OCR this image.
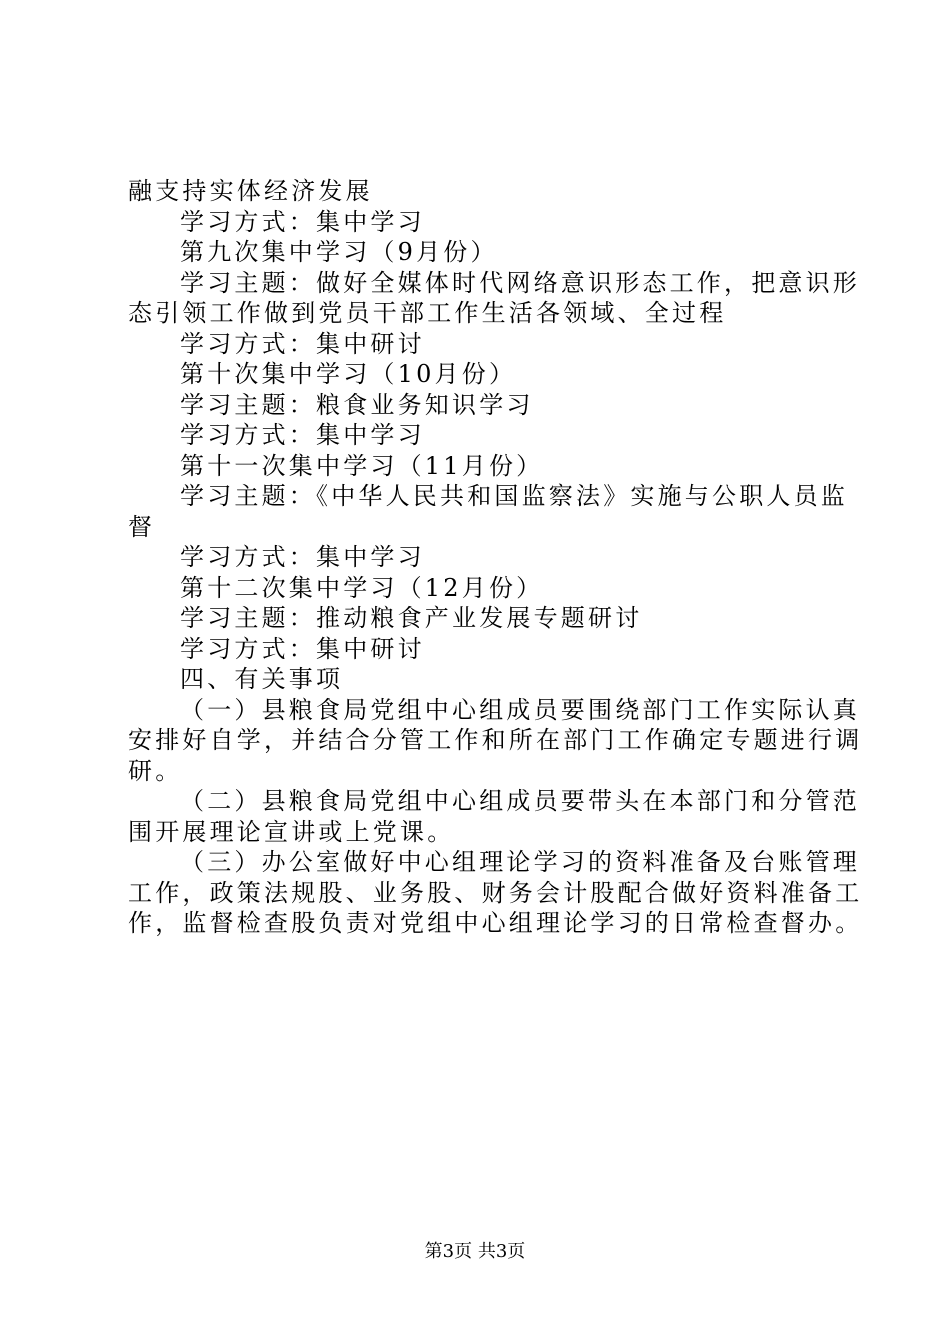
融支持实体经济发展
学习方式：集中学习
第九次集中学习（9月份）
学习主题：做好全媒体时代网络意识形态工作，把意识形
态引领工作做到党员干部工作生活各领域、全过程
学习方式：集中研讨
第十次集中学习（10月份）
学习主题：粮食业务知识学习
学习方式：集中学习
第十一次集中学习（11月份）
学习主题：《中华人民共和国监察法》实施与公职人员监
督
学习方式：集中学习
第十二次集中学习（12月份）
学习主题：推动粮食产业发展专题研讨
学习方式：集中研讨
四、有关事项
（一）县粮食局党组中心组成员要围绕部门工作实际认真
安排好自学，并结合分管工作和所在部门工作确定专题进行调
研。
（二）县粮食局党组中心组成员要带头在本部门和分管范
围开展理论宣讲或上党课。
（三）办公室做好中心组理论学习的资料准备及台账管理
工作，政策法规股、业务股、财务会计股配合做好资料准备工
作，监督检查股负责对党组中心组理论学习的日常检查督办。
第3页 共3页
